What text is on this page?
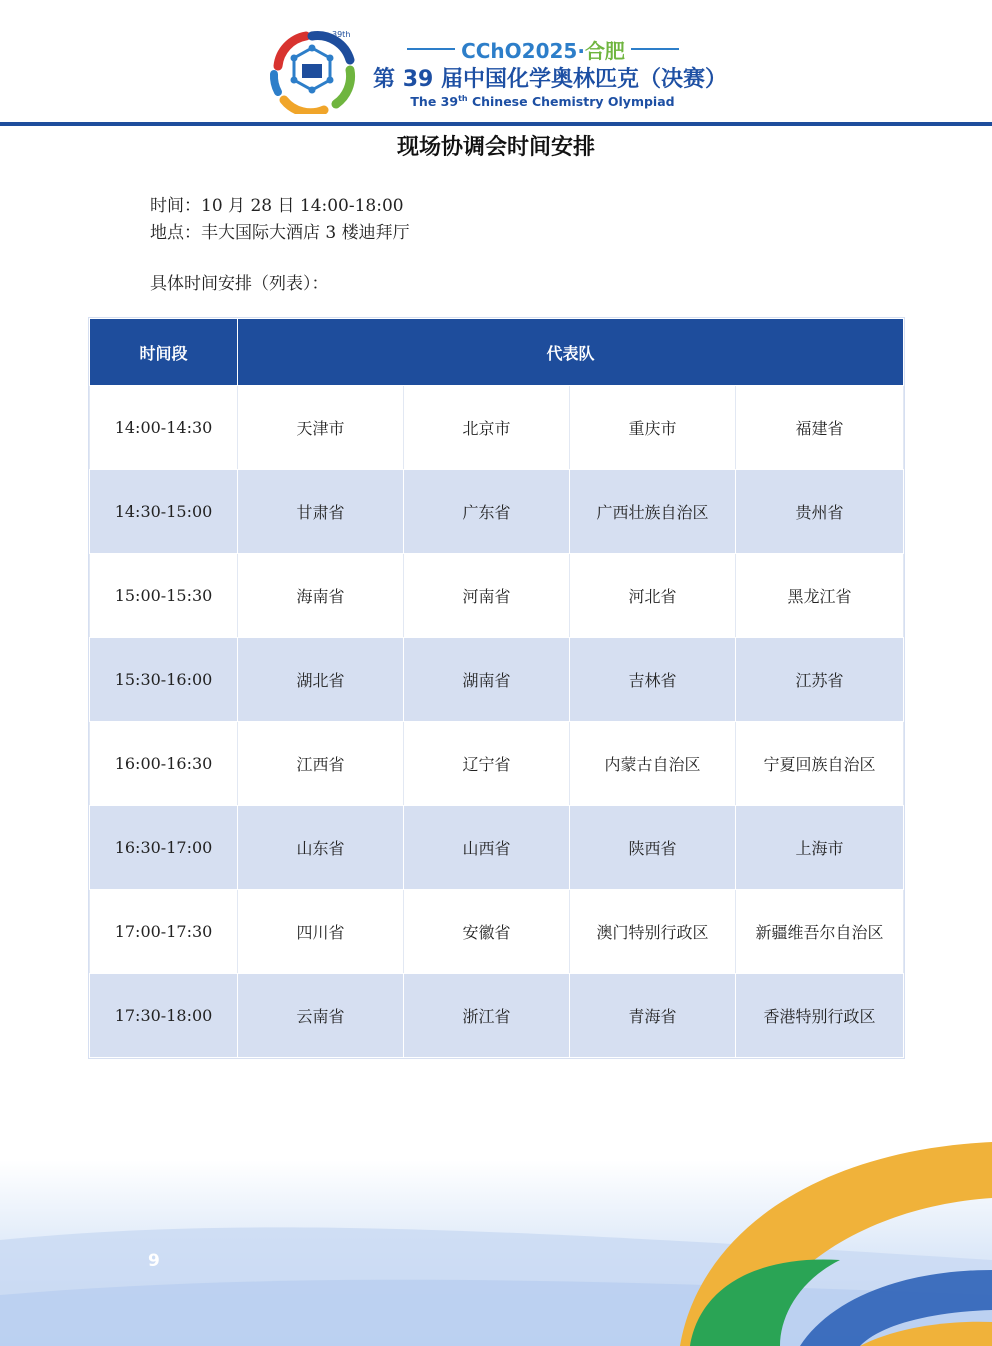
39th
CChO2025·合肥
第 39 届中国化学奥林匹克（决赛）
The 39th Chinese Chemistry Olympiad
现场协调会时间安排
时间：10 月 28 日 14:00-18:00
地点：丰大国际大酒店 3 楼迪拜厅
具体时间安排（列表）：
时间段	代表队			
14:00-14:30	天津市	北京市	重庆市	福建省
14:30-15:00	甘肃省	广东省	广西壮族自治区	贵州省
15:00-15:30	海南省	河南省	河北省	黑龙江省
15:30-16:00	湖北省	湖南省	吉林省	江苏省
16:00-16:30	江西省	辽宁省	内蒙古自治区	宁夏回族自治区
16:30-17:00	山东省	山西省	陕西省	上海市
17:00-17:30	四川省	安徽省	澳门特别行政区	新疆维吾尔自治区
17:30-18:00	云南省	浙江省	青海省	香港特别行政区
9
